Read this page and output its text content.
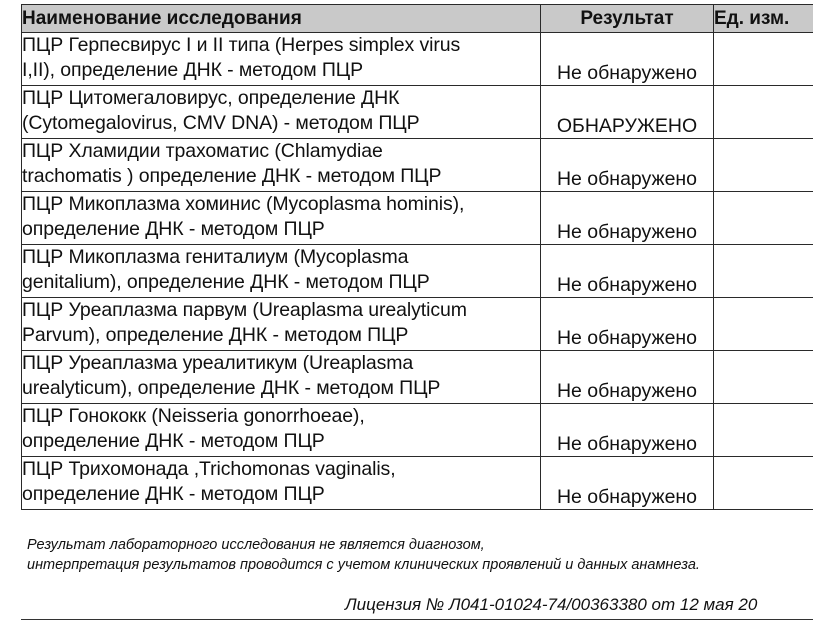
Наименование исследования	Результат	Ед. изм.

ПЦР Герпесвирус I и II типа (Herpes simplex virus
I,II), определение ДНК - методом ПЦР	Не обнаружено	

ПЦР Цитомегаловирус, определение ДНК
(Cytomegalovirus, CMV DNA) - методом ПЦР	ОБНАРУЖЕНО	

ПЦР Хламидии трахоматис (Chlamydiae
trachomatis ) определение ДНК - методом ПЦР	Не обнаружено	

ПЦР Микоплазма хоминис (Mycoplasma hominis),
определение ДНК - методом ПЦР	Не обнаружено	

ПЦР Микоплазма гениталиум (Mycoplasma
genitalium), определение ДНК - методом ПЦР	Не обнаружено	

ПЦР Уреаплазма парвум (Ureaplasma urealyticum
Parvum), определение ДНК - методом ПЦР	Не обнаружено	

ПЦР Уреаплазма уреалитикум (Ureaplasma
urealyticum), определение ДНК - методом ПЦР	Не обнаружено	

ПЦР Гонококк (Neisseria gonorrhoeae),
определение ДНК - методом ПЦР	Не обнаружено	

ПЦР Трихомонада ,Trichomonas vaginalis,
определение ДНК - методом ПЦР	Не обнаружено	
Результат лабораторного исследования не является диагнозом,
интерпретация результатов проводится с учетом клинических проявлений и данных анамнеза.
Лицензия № Л041-01024-74/00363380 от 12 мая 20
